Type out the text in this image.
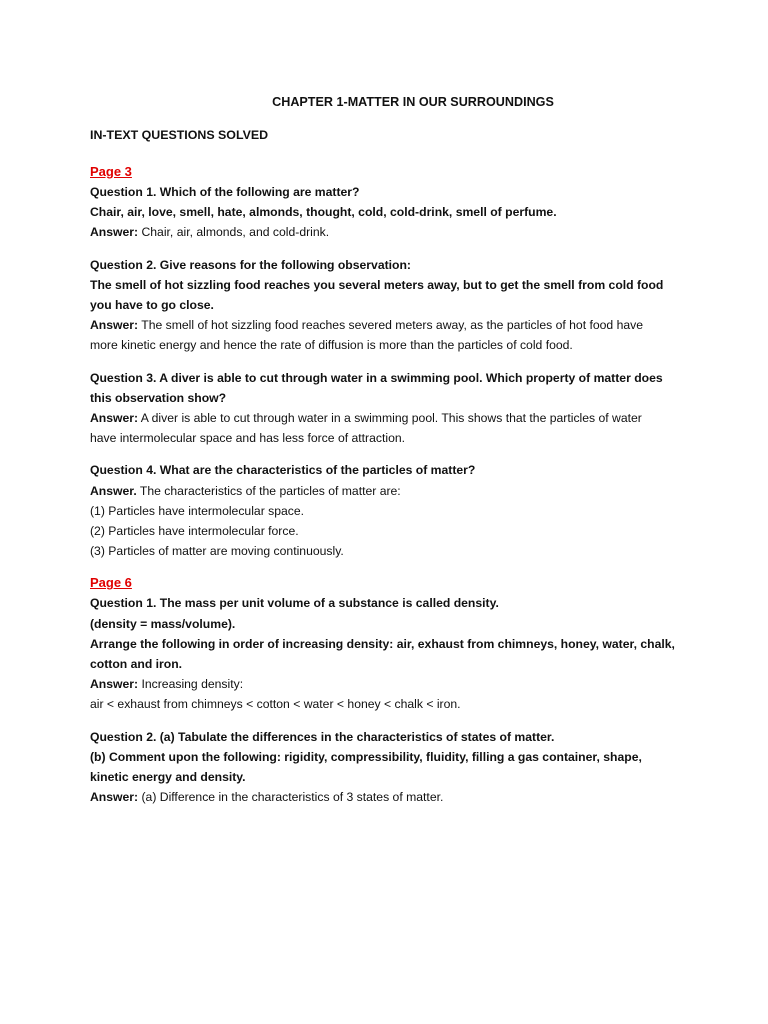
CHAPTER 1-MATTER IN OUR SURROUNDINGS
IN-TEXT QUESTIONS SOLVED
Page 3
Question 1. Which of the following are matter?
Chair, air, love, smell, hate, almonds, thought, cold, cold-drink, smell of perfume.
Answer: Chair, air, almonds, and cold-drink.
Question 2. Give reasons for the following observation:
The smell of hot sizzling food reaches you several meters away, but to get the smell from cold food
you have to go close.
Answer: The smell of hot sizzling food reaches severed meters away, as the particles of hot food have
more kinetic energy and hence the rate of diffusion is more than the particles of cold food.
Question 3. A diver is able to cut through water in a swimming pool. Which property of matter does
this observation show?
Answer: A diver is able to cut through water in a swimming pool. This shows that the particles of water
have intermolecular space and has less force of attraction.
Question 4. What are the characteristics of the particles of matter?
Answer. The characteristics of the particles of matter are:
(1) Particles have intermolecular space.
(2) Particles have intermolecular force.
(3) Particles of matter are moving continuously.
Page 6
Question 1. The mass per unit volume of a substance is called density.
(density = mass/volume).
Arrange the following in order of increasing density: air, exhaust from chimneys, honey, water, chalk,
cotton and iron.
Answer: Increasing density:
air < exhaust from chimneys < cotton < water < honey < chalk < iron.
Question 2. (a) Tabulate the differences in the characteristics of states of matter.
(b) Comment upon the following: rigidity, compressibility, fluidity, filling a gas container, shape,
kinetic energy and density.
Answer: (a) Difference in the characteristics of 3 states of matter.
